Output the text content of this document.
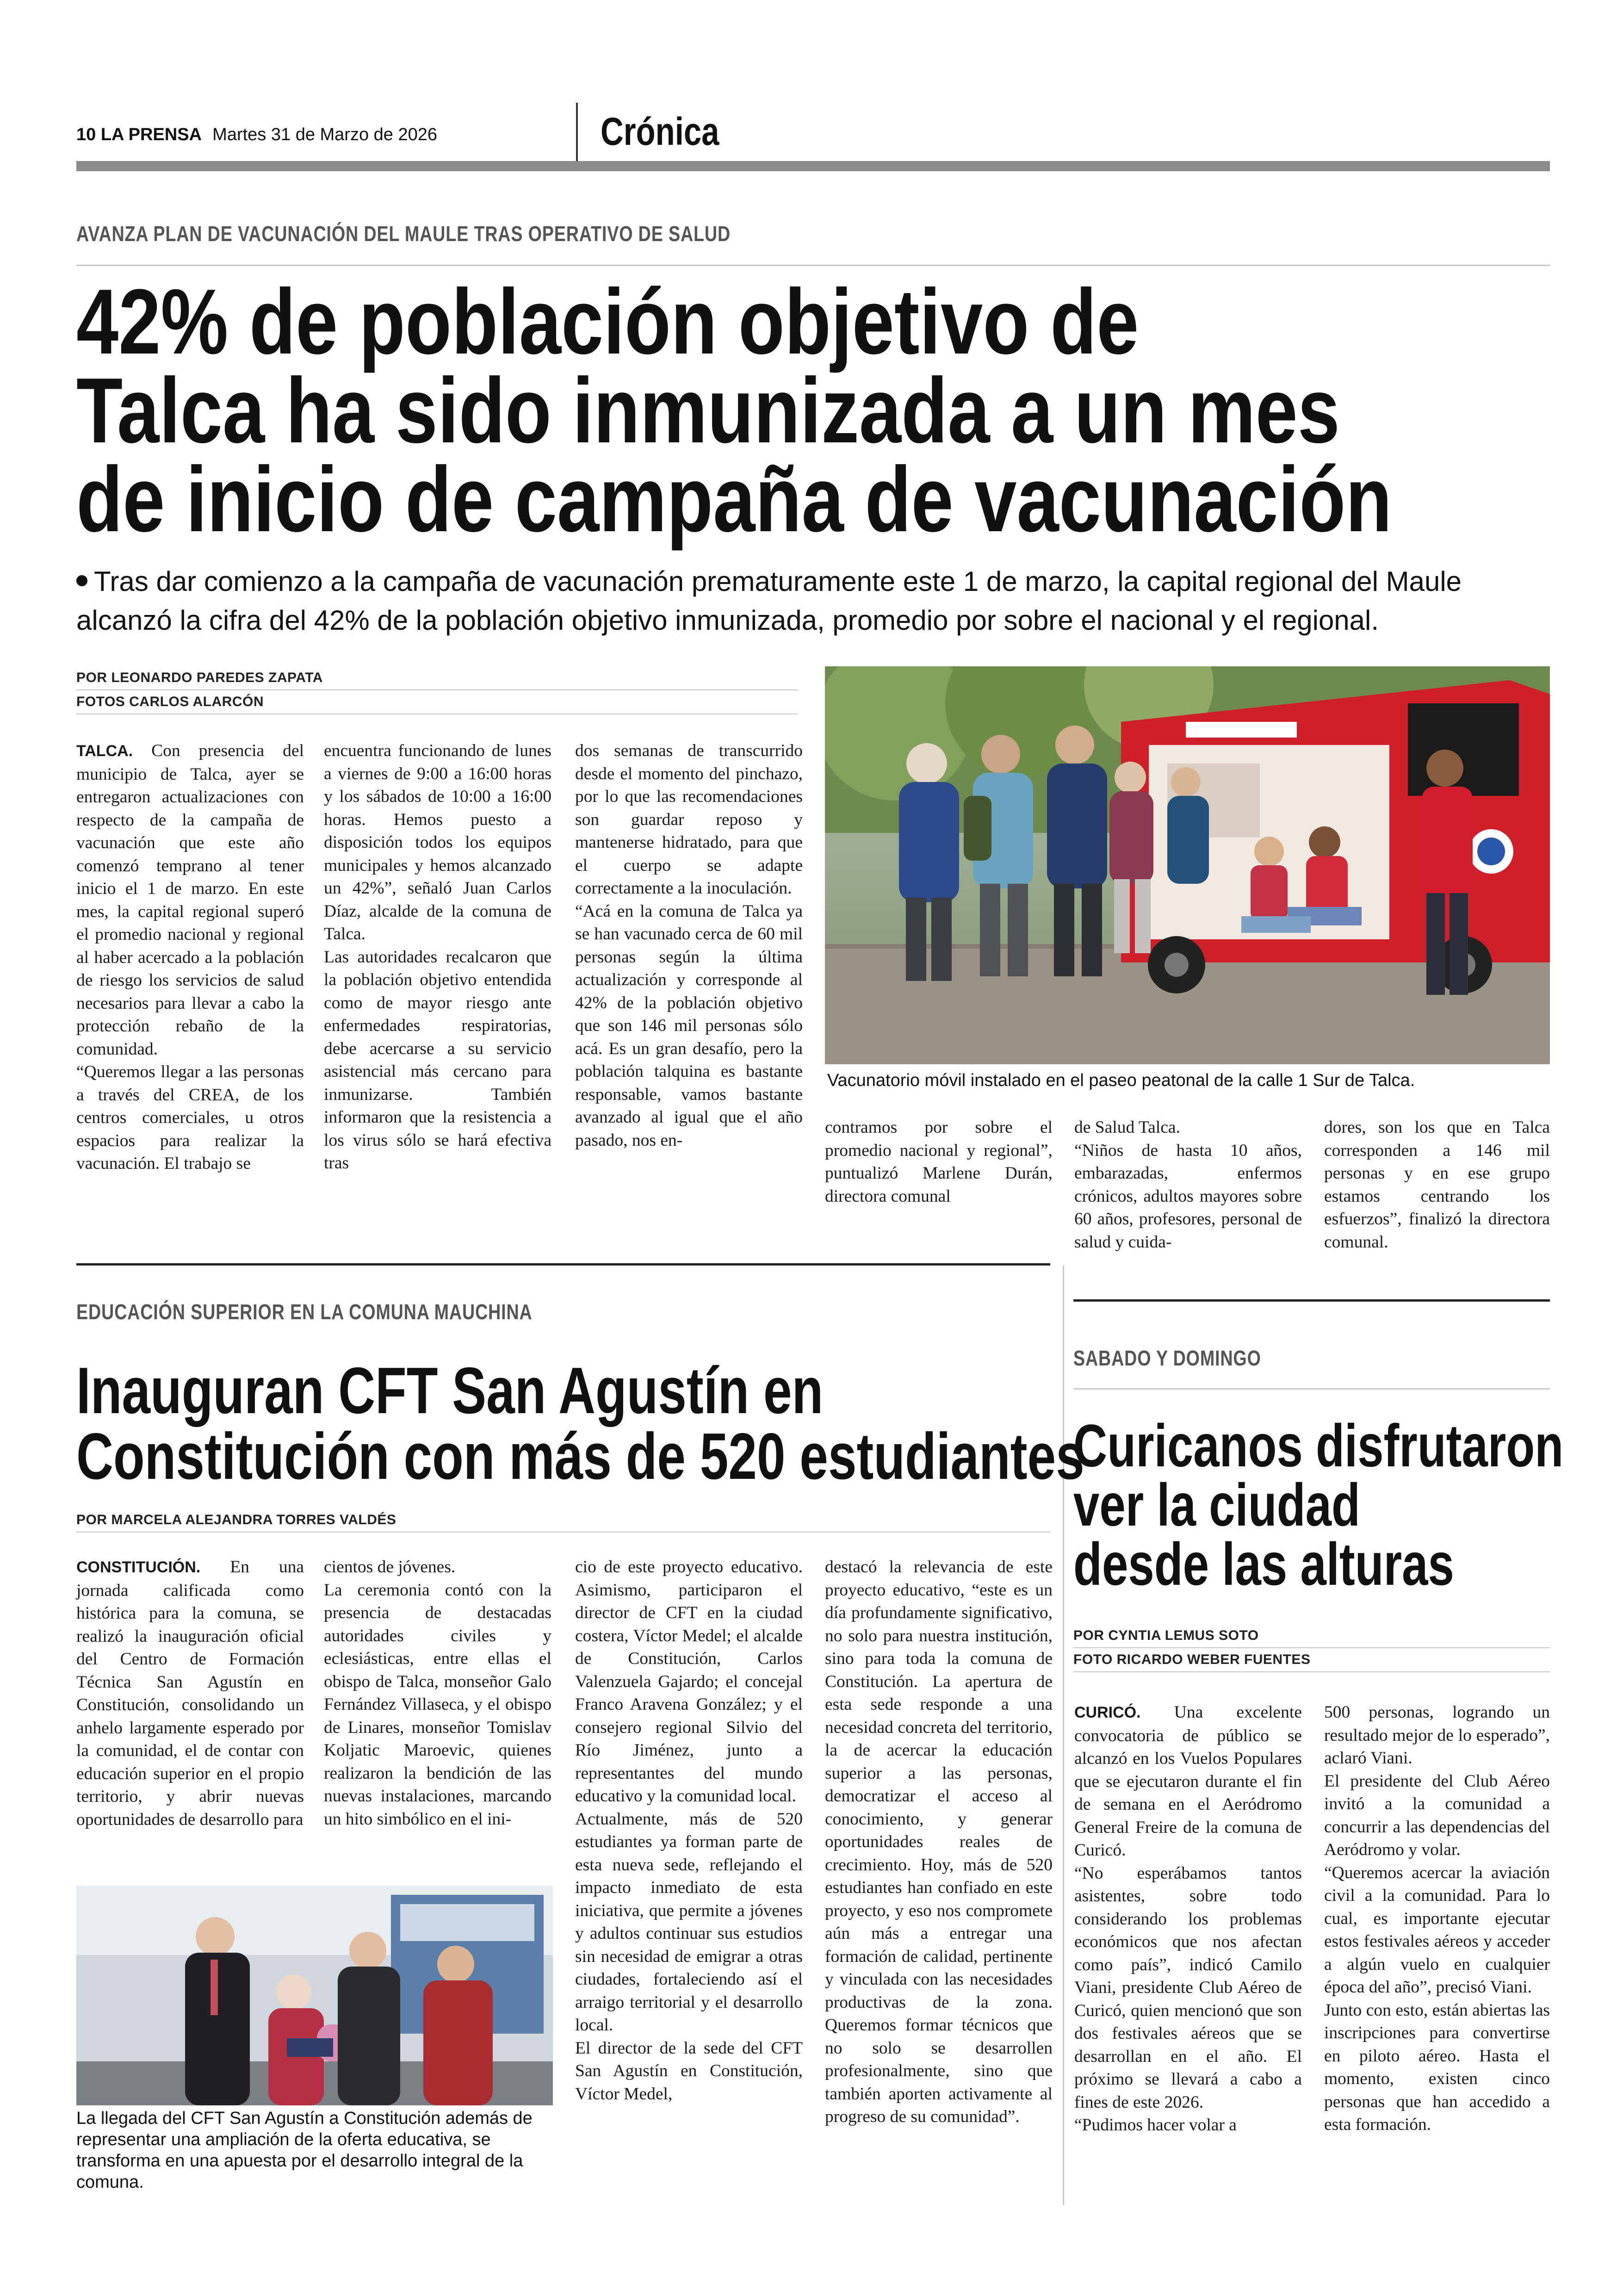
10 LA PRENSA Martes 31 de Marzo de 2026	Crónica
AVANZA PLAN DE VACUNACIÓN DEL MAULE TRAS OPERATIVO DE SALUD
42% de población objetivo de
Talca ha sido inmunizada a un mes
de inicio de campaña de vacunación
Tras dar comienzo a la campaña de vacunación prematuramente este 1 de marzo, la capital regional del Maule
alcanzó la cifra del 42% de la población objetivo inmunizada, promedio por sobre el nacional y el regional.
POR LEONARDO PAREDES ZAPATA
FOTOS CARLOS ALARCÓN
Vacunatorio móvil instalado en el paseo peatonal de la calle 1 Sur de Talca.
TALCA. Con presencia del municipio de Talca, ayer se entregaron actualizaciones con respecto de la campaña de vacunación que este año comenzó temprano al tener inicio el 1 de marzo. En este mes, la capital regional superó el promedio nacional y regional al haber acercado a la población de riesgo los servicios de salud necesarios para llevar a cabo la protección rebaño de la comunidad.
“Queremos llegar a las personas a través del CREA, de los centros comerciales, u otros espacios para realizar la vacunación. El trabajo se
encuentra funcionando de lunes a viernes de 9:00 a 16:00 horas y los sábados de 10:00 a 16:00 horas. Hemos puesto a disposición todos los equipos municipales y hemos alcanzado un 42%”, señaló Juan Carlos Díaz, alcalde de la comuna de Talca.
Las autoridades recalcaron que la población objetivo entendida como de mayor riesgo ante enfermedades respiratorias, debe acercarse a su servicio asistencial más cercano para inmunizarse. También informaron que la resistencia a los virus sólo se hará efectiva tras
dos semanas de transcurrido desde el momento del pinchazo, por lo que las recomendaciones son guardar reposo y mantenerse hidratado, para que el cuerpo se adapte correctamente a la inoculación.
“Acá en la comuna de Talca ya se han vacunado cerca de 60 mil personas según la última actualización y corresponde al 42% de la población objetivo que son 146 mil personas sólo acá. Es un gran desafío, pero la población talquina es bastante responsable, vamos bastante avanzado al igual que el año pasado, nos en-
contramos por sobre el promedio nacional y regional”, puntualizó Marlene Durán, directora comunal
de Salud Talca.
“Niños de hasta 10 años, embarazadas, enfermos crónicos, adultos mayores sobre 60 años, profesores, personal de salud y cuida-
dores, son los que en Talca corresponden a 146 mil personas y en ese grupo estamos centrando los esfuerzos”, finalizó la directora comunal.
EDUCACIÓN SUPERIOR EN LA COMUNA MAUCHINA
Inauguran CFT San Agustín en
Constitución con más de 520 estudiantes
POR MARCELA ALEJANDRA TORRES VALDÉS
CONSTITUCIÓN. En una jornada calificada como histórica para la comuna, se realizó la inauguración oficial del Centro de Formación Técnica San Agustín en Constitución, consolidando un anhelo largamente esperado por la comunidad, el de contar con educación superior en el propio territorio, y abrir nuevas oportunidades de desarrollo para
cientos de jóvenes.
La ceremonia contó con la presencia de destacadas autoridades civiles y eclesiásticas, entre ellas el obispo de Talca, monseñor Galo Fernández Villaseca, y el obispo de Linares, monseñor Tomislav Koljatic Maroevic, quienes realizaron la bendición de las nuevas instalaciones, marcando un hito simbólico en el ini-
cio de este proyecto educativo. Asimismo, participaron el director de CFT en la ciudad costera, Víctor Medel; el alcalde de Constitución, Carlos Valenzuela Gajardo; el concejal Franco Aravena González; y el consejero regional Silvio del Río Jiménez, junto a representantes del mundo educativo y la comunidad local.
Actualmente, más de 520 estudiantes ya forman parte de esta nueva sede, reflejando el impacto inmediato de esta iniciativa, que permite a jóvenes y adultos continuar sus estudios sin necesidad de emigrar a otras ciudades, fortaleciendo así el arraigo territorial y el desarrollo local.
El director de la sede del CFT San Agustín en Constitución, Víctor Medel,
destacó la relevancia de este proyecto educativo, “este es un día profundamente significativo, no solo para nuestra institución, sino para toda la comuna de Constitución. La apertura de esta sede responde a una necesidad concreta del territorio, la de acercar la educación superior a las personas, democratizar el acceso al conocimiento, y generar oportunidades reales de crecimiento. Hoy, más de 520 estudiantes han confiado en este proyecto, y eso nos compromete aún más a entregar una formación de calidad, pertinente y vinculada con las necesidades productivas de la zona. Queremos formar técnicos que no solo se desarrollen profesionalmente, sino que también aporten activamente al progreso de su comunidad”.
La llegada del CFT San Agustín a Constitución además de representar una ampliación de la oferta educativa, se transforma en una apuesta por el desarrollo integral de la comuna.
SABADO Y DOMINGO
Curicanos disfrutaron
ver la ciudad
desde las alturas
POR CYNTIA LEMUS SOTO
FOTO RICARDO WEBER FUENTES
CURICÓ. Una excelente convocatoria de público se alcanzó en los Vuelos Populares que se ejecutaron durante el fin de semana en el Aeródromo General Freire de la comuna de Curicó.
“No esperábamos tantos asistentes, sobre todo considerando los problemas económicos que nos afectan como país”, indicó Camilo Viani, presidente Club Aéreo de Curicó, quien mencionó que son dos festivales aéreos que se desarrollan en el año. El próximo se llevará a cabo a fines de este 2026.
“Pudimos hacer volar a
500 personas, logrando un resultado mejor de lo esperado”, aclaró Viani.
El presidente del Club Aéreo invitó a la comunidad a concurrir a las dependencias del Aeródromo y volar.
“Queremos acercar la aviación civil a la comunidad. Para lo cual, es importante ejecutar estos festivales aéreos y acceder a algún vuelo en cualquier época del año”, precisó Viani.
Junto con esto, están abiertas las inscripciones para convertirse en piloto aéreo. Hasta el momento, existen cinco personas que han accedido a esta formación.
